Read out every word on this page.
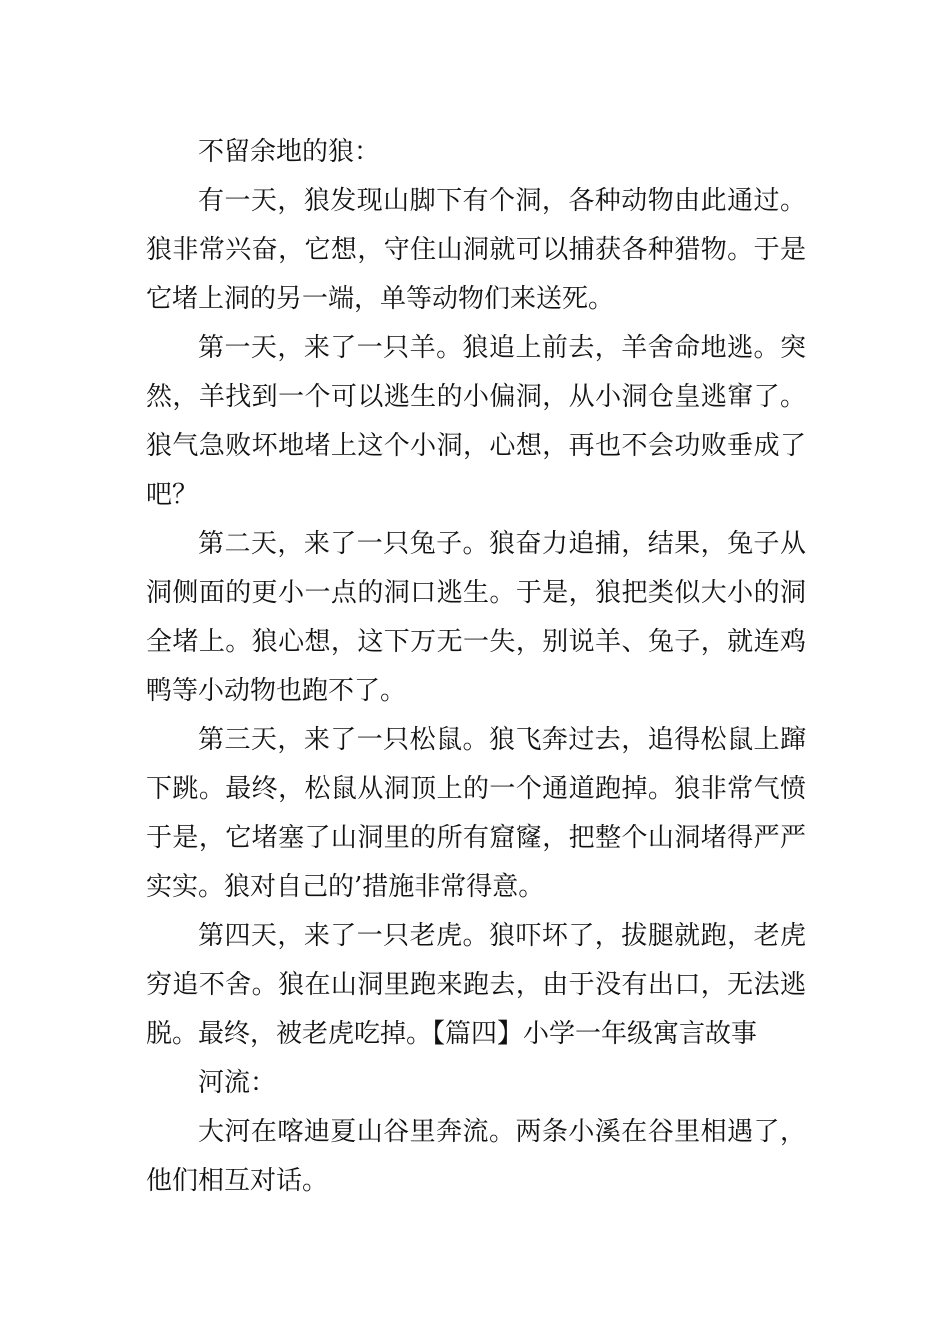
不留余地的狼：

有一天，狼发现山脚下有个洞，各种动物由此通过。狼非常兴奋，它想，守住山洞就可以捕获各种猎物。于是它堵上洞的另一端，单等动物们来送死。

第一天，来了一只羊。狼追上前去，羊舍命地逃。突然，羊找到一个可以逃生的小偏洞，从小洞仓皇逃窜了。狼气急败坏地堵上这个小洞，心想，再也不会功败垂成了吧？

第二天，来了一只兔子。狼奋力追捕，结果，兔子从洞侧面的更小一点的洞口逃生。于是，狼把类似大小的洞全堵上。狼心想，这下万无一失，别说羊、兔子，就连鸡鸭等小动物也跑不了。

第三天，来了一只松鼠。狼飞奔过去，追得松鼠上蹿下跳。最终，松鼠从洞顶上的一个通道跑掉。狼非常气愤于是，它堵塞了山洞里的所有窟窿，把整个山洞堵得严严实实。狼对自己的’措施非常得意。

第四天，来了一只老虎。狼吓坏了，拔腿就跑，老虎穷追不舍。狼在山洞里跑来跑去，由于没有出口，无法逃脱。最终，被老虎吃掉。【篇四】小学一年级寓言故事

河流：

大河在喀迪夏山谷里奔流。两条小溪在谷里相遇了，他们相互对话。
